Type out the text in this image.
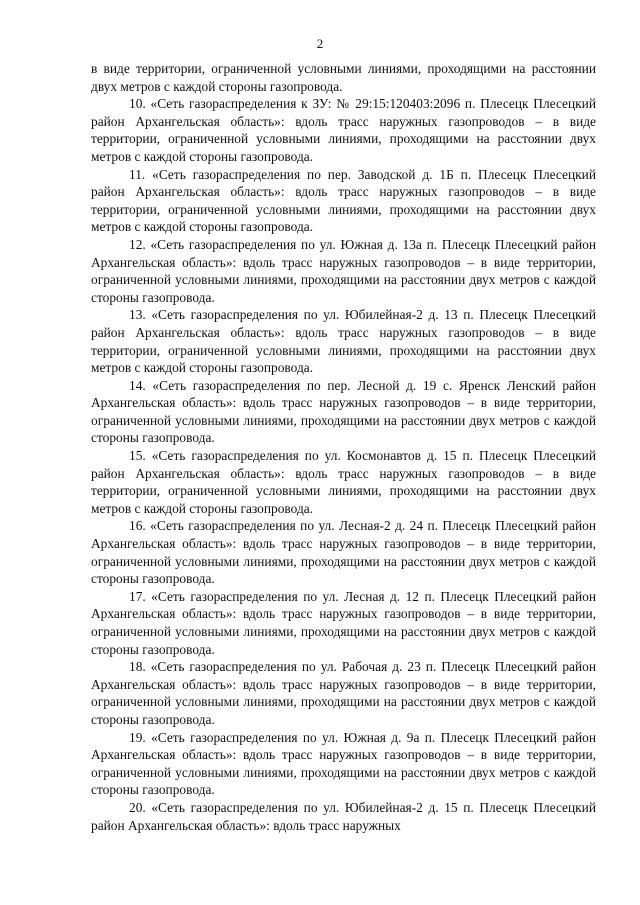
2

в виде территории, ограниченной условными линиями, проходящими на расстоянии двух метров с каждой стороны газопровода.

10. «Сеть газораспределения к ЗУ: № 29:15:120403:2096 п. Плесецк Плесецкий район Архангельская область»: вдоль трасс наружных газопроводов – в виде территории, ограниченной условными линиями, проходящими на расстоянии двух метров с каждой стороны газопровода.

11. «Сеть газораспределения по пер. Заводской д. 1Б п. Плесецк Плесецкий район Архангельская область»: вдоль трасс наружных газопроводов – в виде территории, ограниченной условными линиями, проходящими на расстоянии двух метров с каждой стороны газопровода.

12. «Сеть газораспределения по ул. Южная д. 13а п. Плесецк Плесецкий район Архангельская область»: вдоль трасс наружных газопроводов – в виде территории, ограниченной условными линиями, проходящими на расстоянии двух метров с каждой стороны газопровода.

13. «Сеть газораспределения по ул. Юбилейная-2 д. 13 п. Плесецк Плесецкий район Архангельская область»: вдоль трасс наружных газопроводов – в виде территории, ограниченной условными линиями, проходящими на расстоянии двух метров с каждой стороны газопровода.

14. «Сеть газораспределения по пер. Лесной д. 19 с. Яренск Ленский район Архангельская область»: вдоль трасс наружных газопроводов – в виде территории, ограниченной условными линиями, проходящими на расстоянии двух метров с каждой стороны газопровода.

15. «Сеть газораспределения по ул. Космонавтов д. 15 п. Плесецк Плесецкий район Архангельская область»: вдоль трасс наружных газопроводов – в виде территории, ограниченной условными линиями, проходящими на расстоянии двух метров с каждой стороны газопровода.

16. «Сеть газораспределения по ул. Лесная-2 д. 24 п. Плесецк Плесецкий район Архангельская область»: вдоль трасс наружных газопроводов – в виде территории, ограниченной условными линиями, проходящими на расстоянии двух метров с каждой стороны газопровода.

17. «Сеть газораспределения по ул. Лесная д. 12 п. Плесецк Плесецкий район Архангельская область»: вдоль трасс наружных газопроводов – в виде территории, ограниченной условными линиями, проходящими на расстоянии двух метров с каждой стороны газопровода.

18. «Сеть газораспределения по ул. Рабочая д. 23 п. Плесецк Плесецкий район Архангельская область»: вдоль трасс наружных газопроводов – в виде территории, ограниченной условными линиями, проходящими на расстоянии двух метров с каждой стороны газопровода.

19. «Сеть газораспределения по ул. Южная д. 9а п. Плесецк Плесецкий район Архангельская область»: вдоль трасс наружных газопроводов – в виде территории, ограниченной условными линиями, проходящими на расстоянии двух метров с каждой стороны газопровода.

20. «Сеть газораспределения по ул. Юбилейная-2 д. 15 п. Плесецк Плесецкий район Архангельская область»: вдоль трасс наружных
